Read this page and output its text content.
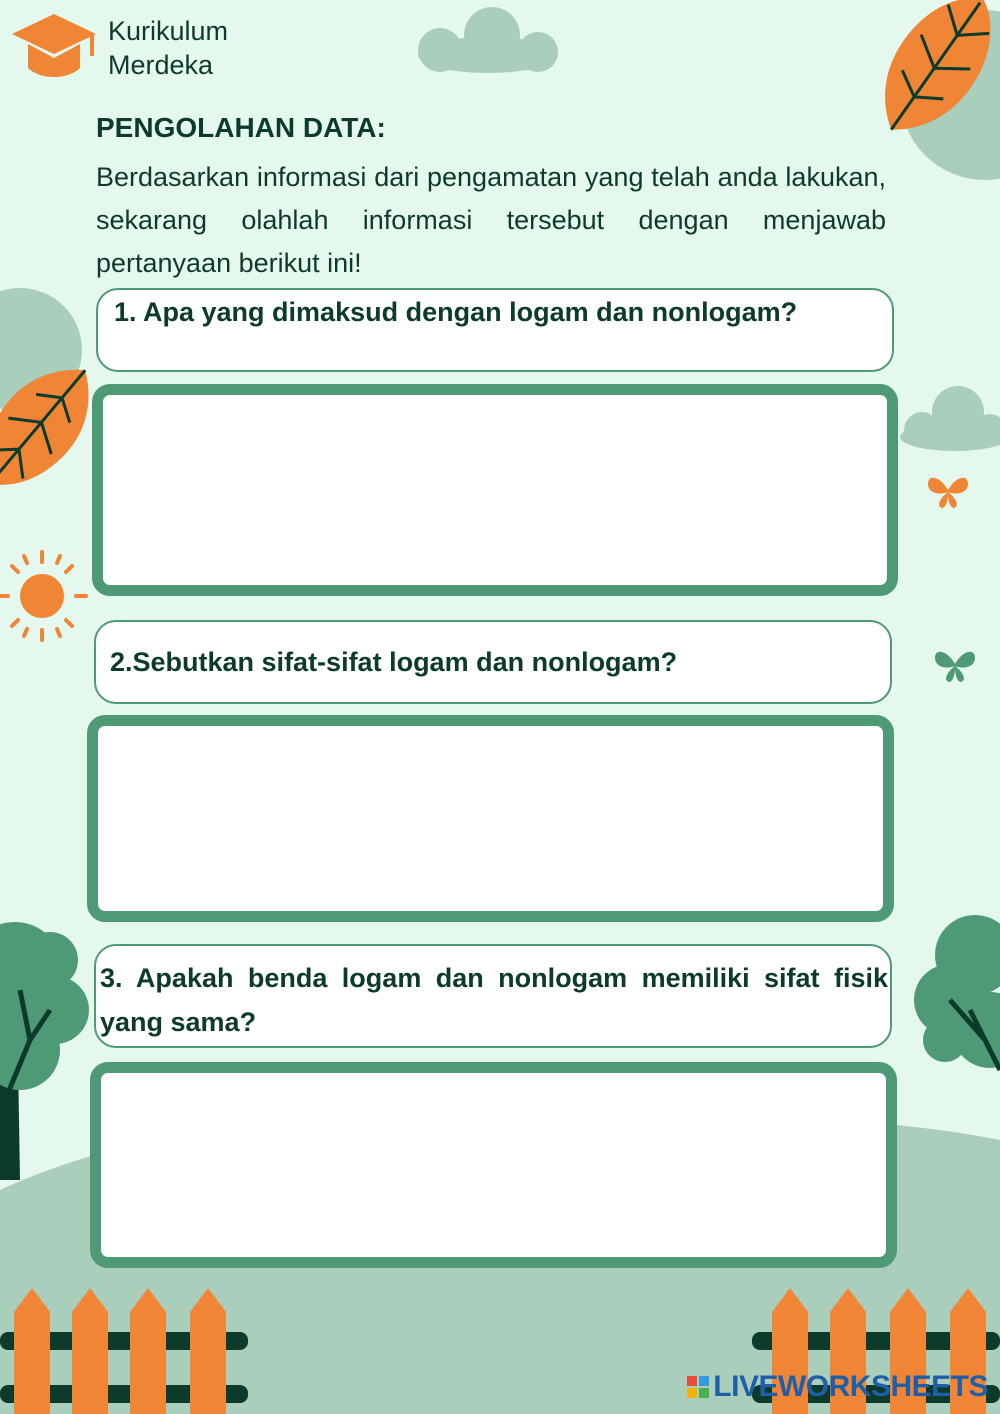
Kurikulum
Merdeka
PENGOLAHAN DATA:

Berdasarkan informasi dari pengamatan yang telah anda lakukan, sekarang olahlah informasi tersebut dengan menjawab pertanyaan berikut ini!

1. Apa yang dimaksud dengan logam dan nonlogam?

2.Sebutkan sifat-sifat logam dan nonlogam?

3. Apakah benda logam dan nonlogam memiliki sifat fisik yang sama?

LIVEWORKSHEETS
